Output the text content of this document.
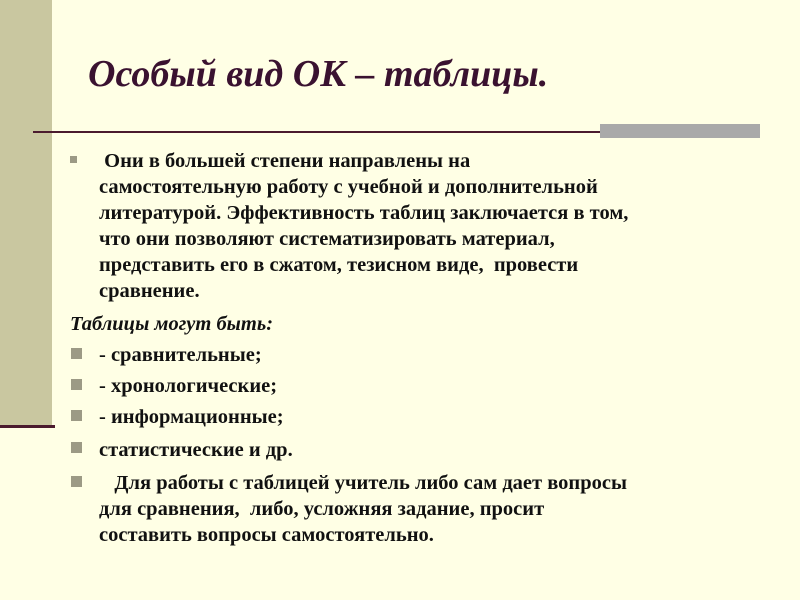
Особый вид ОК – таблицы.
Они в большей степени направлены на
самостоятельную работу с учебной и дополнительной
литературой. Эффективность таблиц заключается в том,
что они позволяют систематизировать материал,
представить его в сжатом, тезисном виде,  провести
сравнение.
Таблицы могут быть:
- сравнительные;
- хронологические;
- информационные;
статистические и др.
Для работы с таблицей учитель либо сам дает вопросы
для сравнения,  либо, усложняя задание, просит
составить вопросы самостоятельно.
